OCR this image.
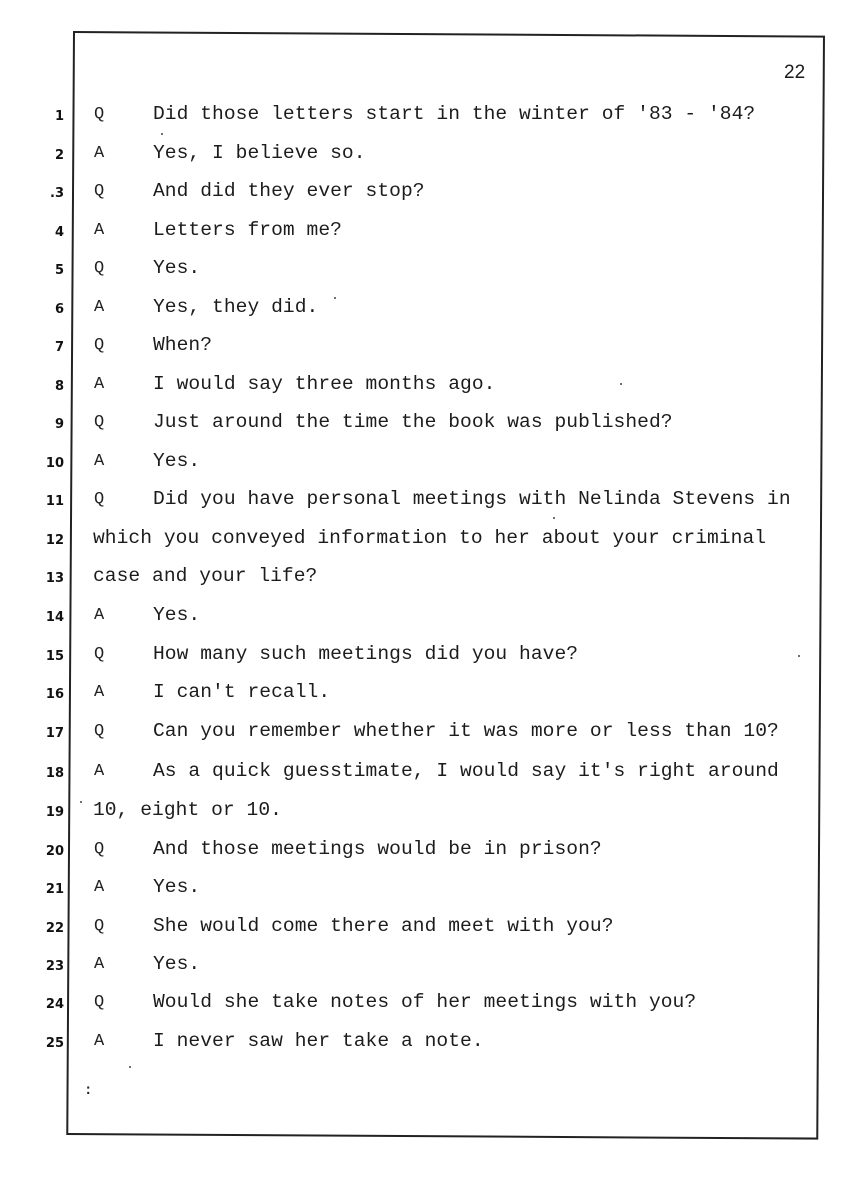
22
1 Q Did those letters start in the winter of '83 - '84?
2 A Yes, I believe so.
.3 Q And did they ever stop?
4 A Letters from me?
5 Q Yes.
6 A Yes, they did.
7 Q When?
8 A I would say three months ago.
9 Q Just around the time the book was published?
10 A Yes.
11 Q Did you have personal meetings with Nelinda Stevens in
12 which you conveyed information to her about your criminal
13 case and your life?
14 A Yes.
15 Q How many such meetings did you have?
16 A I can't recall.
17 Q Can you remember whether it was more or less than 10?
18 A As a quick guesstimate, I would say it's right around
19 10, eight or 10.
20 Q And those meetings would be in prison?
21 A Yes.
22 Q She would come there and meet with you?
23 A Yes.
24 Q Would she take notes of her meetings with you?
25 A I never saw her take a note.
:
